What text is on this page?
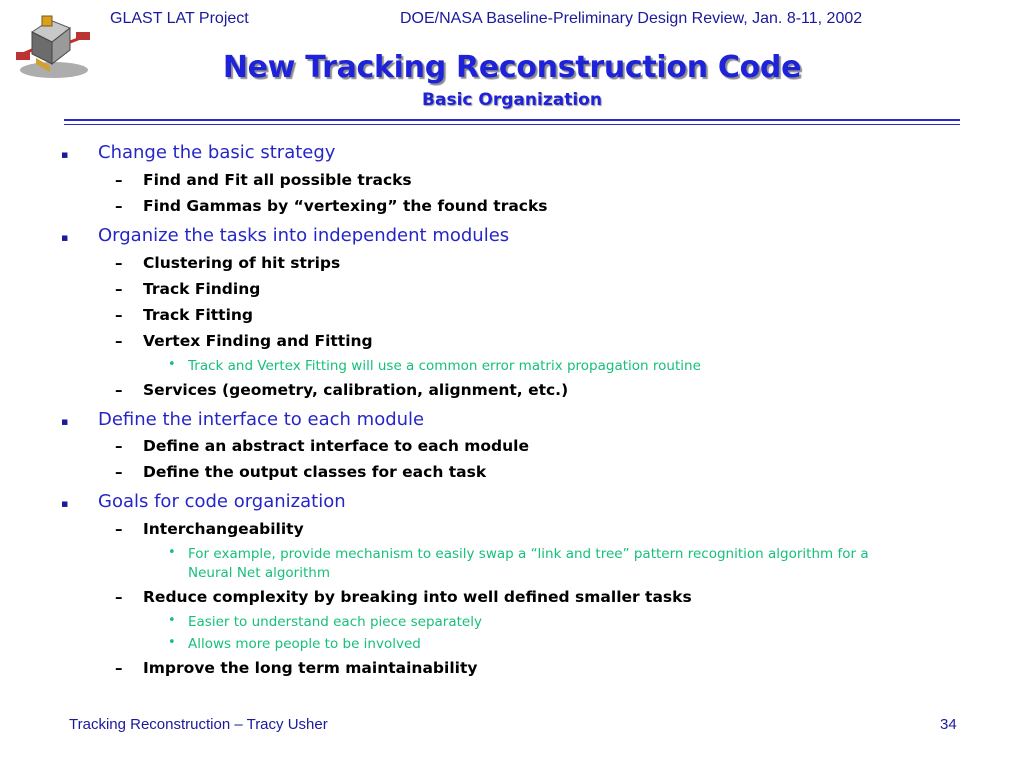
GLAST LAT Project	DOE/NASA Baseline-Preliminary Design Review, Jan. 8-11, 2002
New Tracking Reconstruction Code
Basic Organization
▪ Change the basic strategy
– Find and Fit all possible tracks
– Find Gammas by “vertexing” the found tracks
▪ Organize the tasks into independent modules
– Clustering of hit strips
– Track Finding
– Track Fitting
– Vertex Finding and Fitting
• Track and Vertex Fitting will use a common error matrix propagation routine
– Services (geometry, calibration, alignment, etc.)
▪ Define the interface to each module
– Define an abstract interface to each module
– Define the output classes for each task
▪ Goals for code organization
– Interchangeability
• For example, provide mechanism to easily swap a “link and tree” pattern recognition algorithm for a Neural Net algorithm
– Reduce complexity by breaking into well defined smaller tasks
• Easier to understand each piece separately
• Allows more people to be involved
– Improve the long term maintainability
Tracking Reconstruction – Tracy Usher	34
